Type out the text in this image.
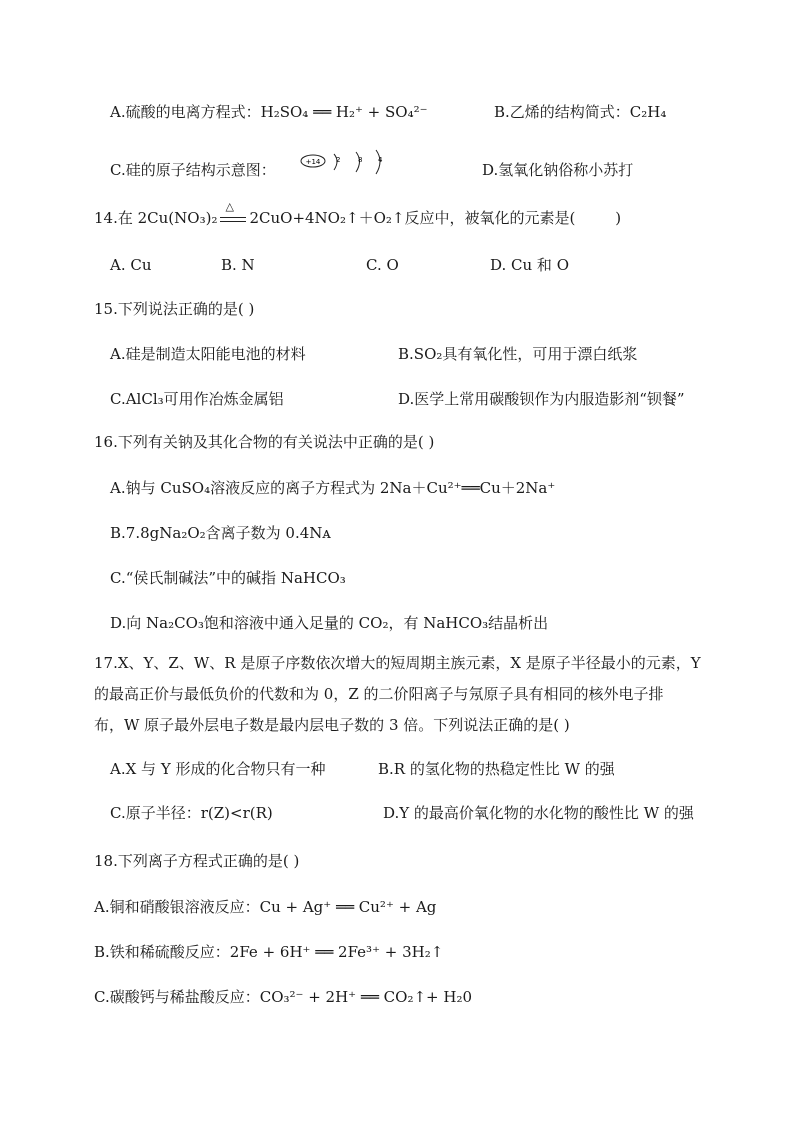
A.硫酸的电离方程式：H₂SO₄ ══ H₂⁺ + SO₄²⁻	B.乙烯的结构简式：C₂H₄
C.硅的原子结构示意图：	+14 2	8 4
D.氢氧化钠俗称小苏打
14.在 2Cu(NO₃)₂
△
2CuO+4NO₂↑＋O₂↑反应中，被氧化的元素是(	)
A. Cu	B. N	C. O	D. Cu 和 O
15.下列说法正确的是( )
A.硅是制造太阳能电池的材料	B.SO₂具有氧化性，可用于漂白纸浆
C.AlCl₃可用作冶炼金属铝	D.医学上常用碳酸钡作为内服造影剂“钡餐”
16.下列有关钠及其化合物的有关说法中正确的是( )
A.钠与 CuSO₄溶液反应的离子方程式为 2Na＋Cu²⁺══Cu＋2Na⁺
B.7.8gNa₂O₂含离子数为 0.4Nᴀ
C.“侯氏制碱法”中的碱指 NaHCO₃
D.向 Na₂CO₃饱和溶液中通入足量的 CO₂，有 NaHCO₃结晶析出
17.X、Y、Z、W、R 是原子序数依次增大的短周期主族元素，X 是原子半径最小的元素，Y
的最高正价与最低负价的代数和为 0，Z 的二价阳离子与氖原子具有相同的核外电子排
布，W 原子最外层电子数是最内层电子数的 3 倍。下列说法正确的是( )
A.X 与 Y 形成的化合物只有一种	B.R 的氢化物的热稳定性比 W 的强
C.原子半径：r(Z)<r(R)	D.Y 的最高价氧化物的水化物的酸性比 W 的强
18.下列离子方程式正确的是( )
A.铜和硝酸银溶液反应：Cu + Ag⁺ ══ Cu²⁺ + Ag
B.铁和稀硫酸反应：2Fe + 6H⁺ ══ 2Fe³⁺ + 3H₂↑
C.碳酸钙与稀盐酸反应：CO₃²⁻ + 2H⁺ ══ CO₂↑+ H₂0
